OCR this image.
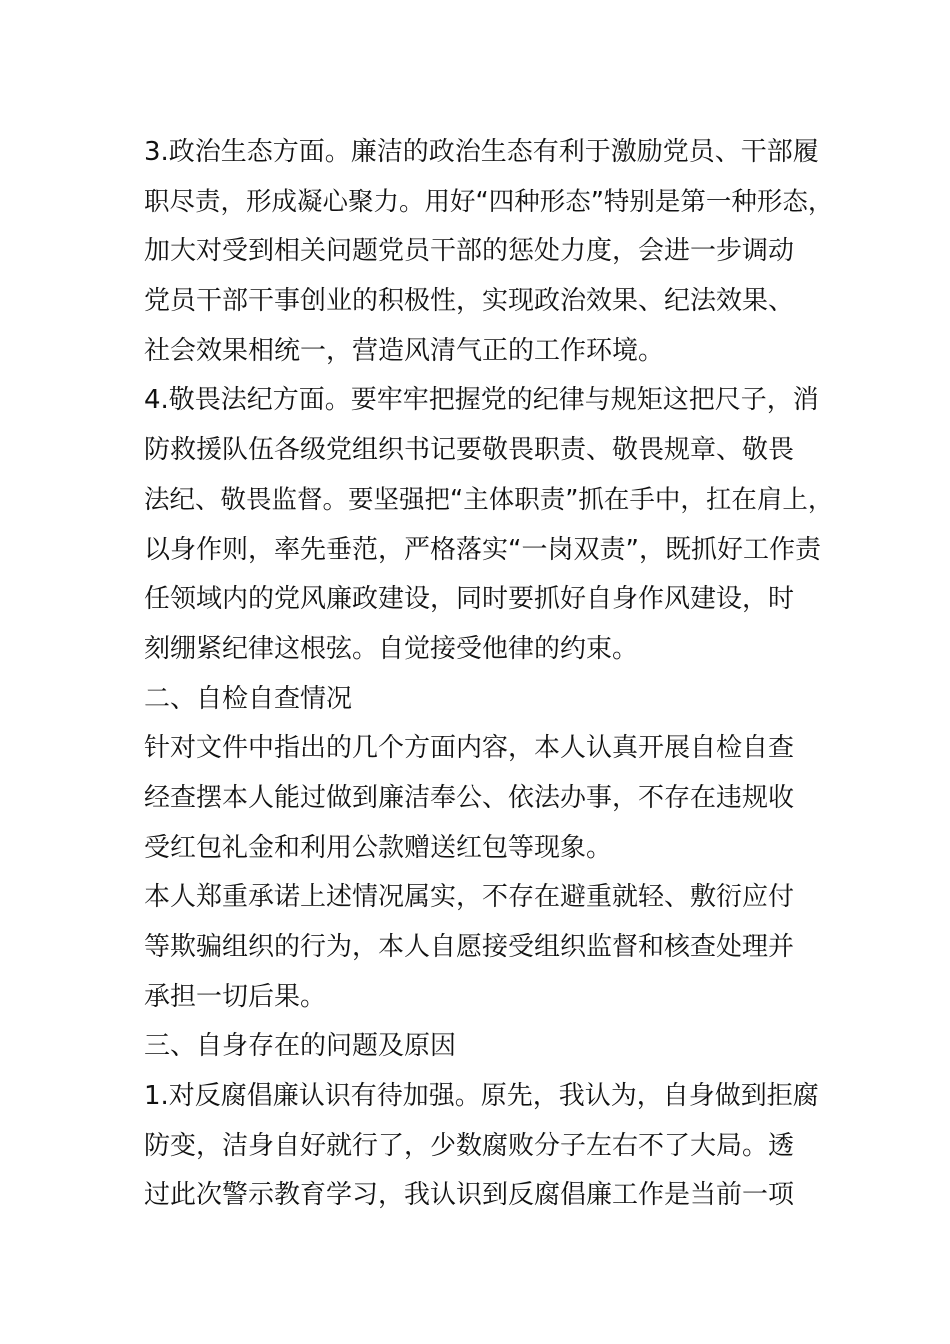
3.政治生态方面。廉洁的政治生态有利于激励党员、干部履
职尽责，形成凝心聚力。用好“四种形态”特别是第一种形态，
加大对受到相关问题党员干部的惩处力度，会进一步调动
党员干部干事创业的积极性，实现政治效果、纪法效果、
社会效果相统一，营造风清气正的工作环境。
4.敬畏法纪方面。要牢牢把握党的纪律与规矩这把尺子，消
防救援队伍各级党组织书记要敬畏职责、敬畏规章、敬畏
法纪、敬畏监督。要坚强把“主体职责”抓在手中，扛在肩上，
以身作则，率先垂范，严格落实“一岗双责”，既抓好工作责
任领域内的党风廉政建设，同时要抓好自身作风建设，时
刻绷紧纪律这根弦。自觉接受他律的约束。
二、自检自查情况
针对文件中指出的几个方面内容，本人认真开展自检自查
经查摆本人能过做到廉洁奉公、依法办事，不存在违规收
受红包礼金和利用公款赠送红包等现象。
本人郑重承诺上述情况属实，不存在避重就轻、敷衍应付
等欺骗组织的行为，本人自愿接受组织监督和核查处理并
承担一切后果。
三、自身存在的问题及原因
1.对反腐倡廉认识有待加强。原先，我认为，自身做到拒腐
防变，洁身自好就行了，少数腐败分子左右不了大局。透
过此次警示教育学习，我认识到反腐倡廉工作是当前一项
